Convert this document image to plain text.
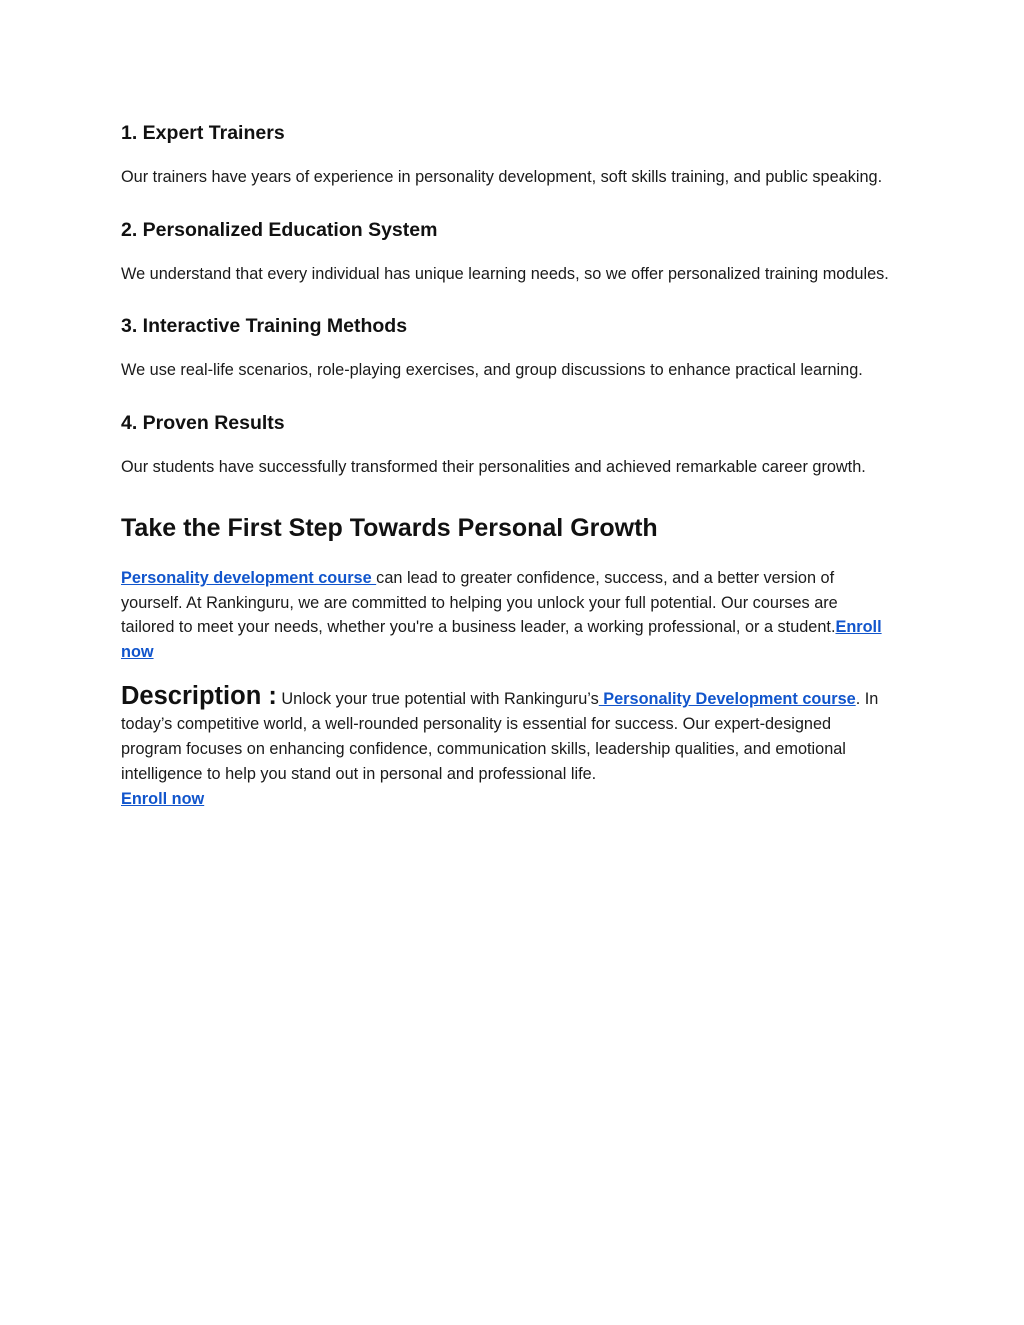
1. Expert Trainers

Our trainers have years of experience in personality development, soft skills training, and public speaking.

2. Personalized Education System

We understand that every individual has unique learning needs, so we offer personalized training modules.

3. Interactive Training Methods

We use real-life scenarios, role-playing exercises, and group discussions to enhance practical learning.

4. Proven Results

Our students have successfully transformed their personalities and achieved remarkable career growth.

Take the First Step Towards Personal Growth

Personality development course can lead to greater confidence, success, and a better version of yourself. At Rankinguru, we are committed to helping you unlock your full potential. Our courses are tailored to meet your needs, whether you're a business leader, a working professional, or a student.Enroll now

Description : Unlock your true potential with Rankinguru’s Personality Development course. In today’s competitive world, a well-rounded personality is essential for success. Our expert-designed program focuses on enhancing confidence, communication skills, leadership qualities, and emotional intelligence to help you stand out in personal and professional life.
Enroll now
